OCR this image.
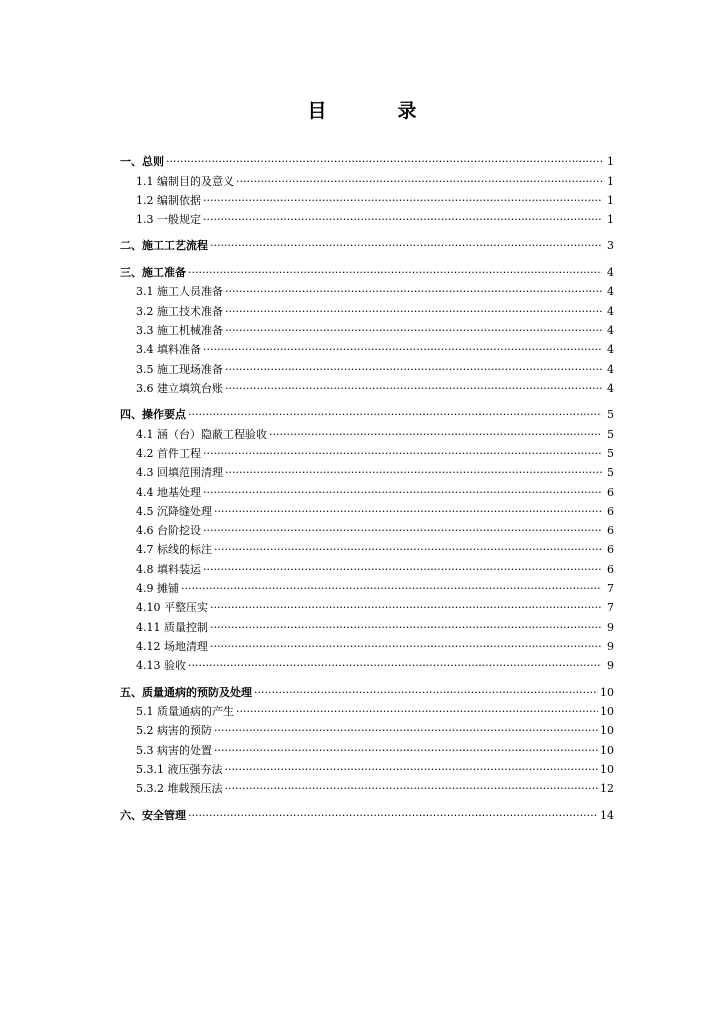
目　录
一、总则 ·····	1
1.1 编制目的及意义 ·····	1
1.2 编制依据 ·····	1
1.3 一般规定 ·····	1
二、施工工艺流程 ·····	3
三、施工准备 ·····	4
3.1 施工人员准备 ·····	4
3.2 施工技术准备 ·····	4
3.3 施工机械准备 ·····	4
3.4 填料准备 ·····	4
3.5 施工现场准备 ·····	4
3.6 建立填筑台账 ·····	4
四、操作要点 ·····	5
4.1 涵（台）隐蔽工程验收 ·····	5
4.2 首件工程 ·····	5
4.3 回填范围清理 ·····	5
4.4 地基处理 ·····	6
4.5 沉降缝处理 ·····	6
4.6 台阶挖设 ·····	6
4.7 标线的标注 ·····	6
4.8 填料装运 ·····	6
4.9 摊铺 ·····	7
4.10 平整压实 ·····	7
4.11 质量控制 ·····	9
4.12 场地清理 ·····	9
4.13 验收 ·····	9
五、质量通病的预防及处理 ·····	10
5.1 质量通病的产生 ·····	10
5.2 病害的预防 ·····	10
5.3 病害的处置 ·····	10
5.3.1 液压强夯法 ·····	10
5.3.2 堆载预压法 ·····	12
六、安全管理 ·····	14
